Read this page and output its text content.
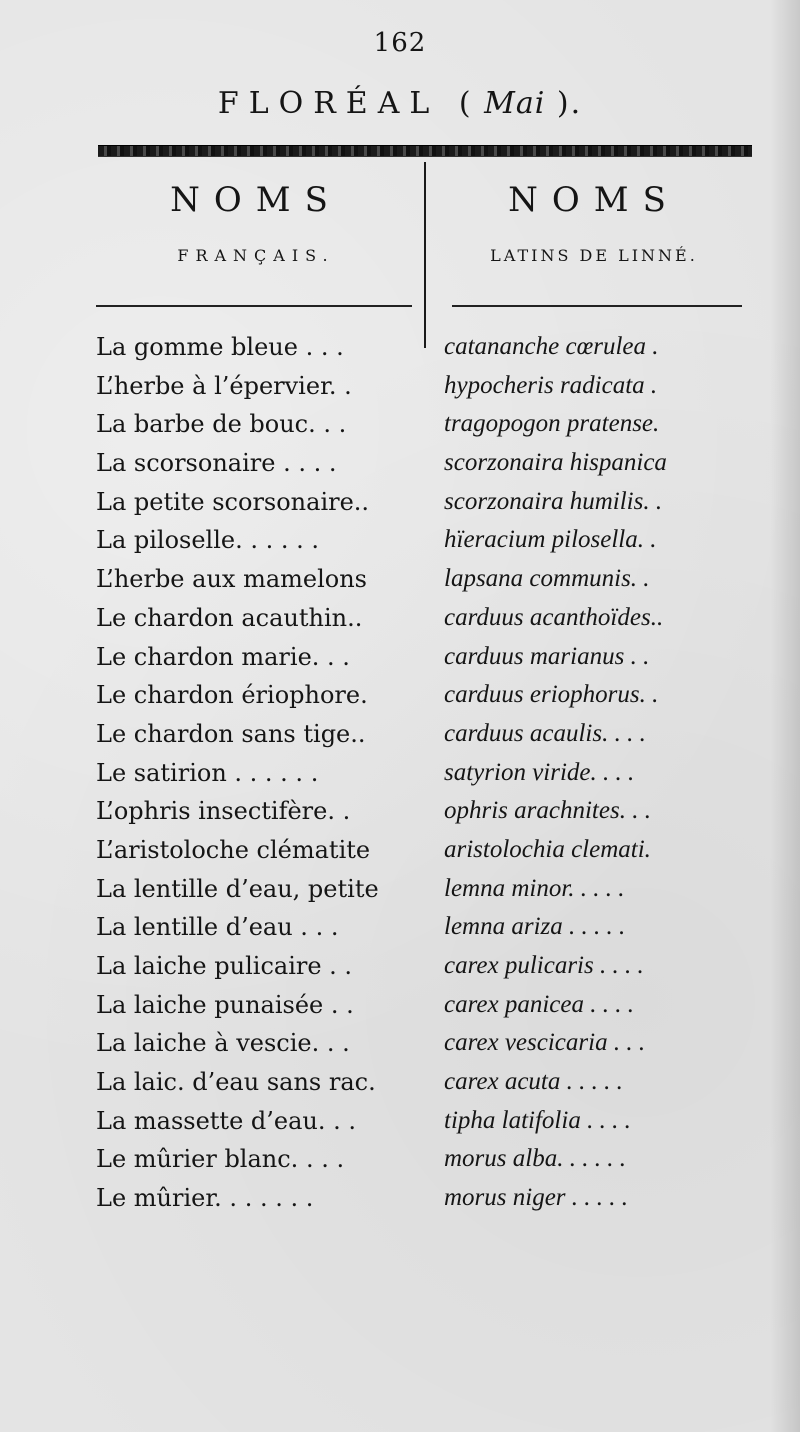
162
FLORÉAL ( Mai ).
NOMS
FRANÇAIS.
NOMS
LATINS DE LINNÉ.
La gomme bleue . . .	catananche cœrulea .
L’herbe à l’épervier. .	hypocheris radicata .
La barbe de bouc. . .	tragopogon pratense.
La scorsonaire . . . .	scorzonaira hispanica
La petite scorsonaire..	scorzonaira humilis. .
La piloselle. . . . . .	hïeracium pilosella. .
L’herbe aux mamelons	lapsana communis. .
Le chardon acauthin..	carduus acanthoïdes..
Le chardon marie. . .	carduus marianus . .
Le chardon ériophore.	carduus eriophorus. .
Le chardon sans tige..	carduus acaulis. . . .
Le satirion . . . . . .	satyrion viride. . . .
L’ophris insectifère. .	ophris arachnites. . .
L’aristoloche clématite	aristolochia clemati.
La lentille d’eau, petite	lemna minor. . . . .
La lentille d’eau . . .	lemna ariza . . . . .
La laiche pulicaire . .	carex pulicaris . . . .
La laiche punaisée . .	carex panicea . . . .
La laiche à vescie. . .	carex vescicaria . . .
La laic. d’eau sans rac.	carex acuta . . . . .
La massette d’eau. . .	tipha latifolia . . . .
Le mûrier blanc. . . .	morus alba. . . . . .
Le mûrier. . . . . . .	morus niger . . . . .
